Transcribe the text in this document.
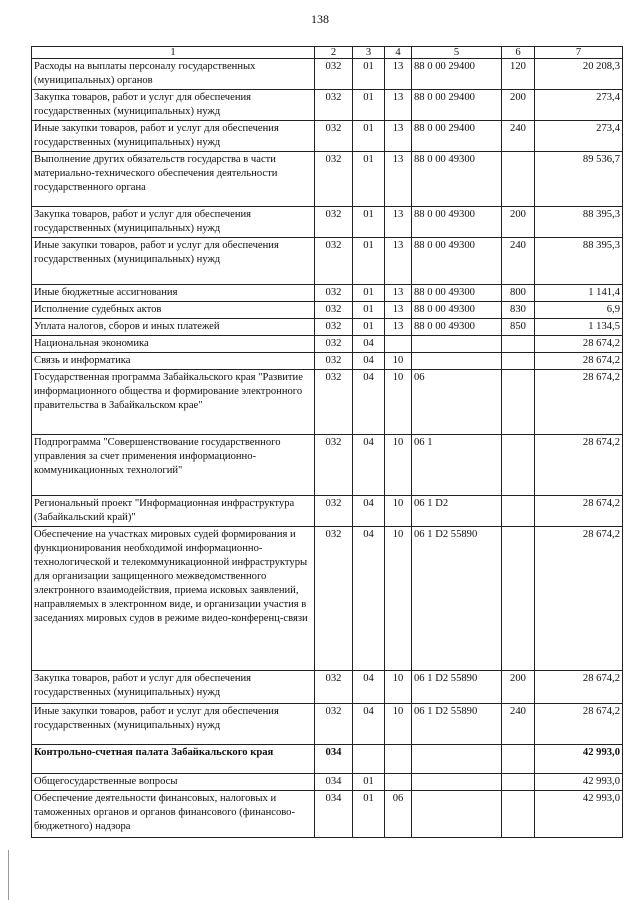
138
1	2	3	4	5	6	7
Расходы на выплаты персоналу государственных (муниципальных) органов	032	01	13	88 0 00 29400	120	20 208,3
Закупка товаров, работ и услуг для обеспечения государственных (муниципальных) нужд	032	01	13	88 0 00 29400	200	273,4
Иные закупки товаров, работ и услуг для обеспечения государственных (муниципальных) нужд	032	01	13	88 0 00 29400	240	273,4
Выполнение других обязательств государства в части материально-технического обеспечения деятельности государственного органа	032	01	13	88 0 00 49300		89 536,7
Закупка товаров, работ и услуг для обеспечения государственных (муниципальных) нужд	032	01	13	88 0 00 49300	200	88 395,3
Иные закупки товаров, работ и услуг для обеспечения государственных (муниципальных) нужд	032	01	13	88 0 00 49300	240	88 395,3
Иные бюджетные ассигнования	032	01	13	88 0 00 49300	800	1 141,4
Исполнение судебных актов	032	01	13	88 0 00 49300	830	6,9
Уплата налогов, сборов и иных платежей	032	01	13	88 0 00 49300	850	1 134,5
Национальная экономика	032	04				28 674,2
Связь и информатика	032	04	10			28 674,2
Государственная программа Забайкальского края "Развитие информационного общества и формирование электронного правительства в Забайкальском крае"	032	04	10	06		28 674,2
Подпрограмма "Совершенствование государственного управления за счет применения информационно-коммуникационных технологий"	032	04	10	06 1		28 674,2
Региональный проект "Информационная инфраструктура (Забайкальский край)"	032	04	10	06 1 D2		28 674,2
Обеспечение на участках мировых судей формирования и функционирования необходимой информационно-технологической и телекоммуникационной инфраструктуры для организации защищенного межведомственного электронного взаимодействия, приема исковых заявлений, направляемых в электронном виде, и организации участия в заседаниях мировых судов в режиме видео-конференц-связи	032	04	10	06 1 D2 55890		28 674,2
Закупка товаров, работ и услуг для обеспечения государственных (муниципальных) нужд	032	04	10	06 1 D2 55890	200	28 674,2
Иные закупки товаров, работ и услуг для обеспечения государственных (муниципальных) нужд	032	04	10	06 1 D2 55890	240	28 674,2
Контрольно-счетная палата Забайкальского края	034					42 993,0
Общегосударственные вопросы	034	01				42 993,0
Обеспечение деятельности финансовых, налоговых и таможенных органов и органов финансового (финансово-бюджетного) надзора	034	01	06			42 993,0
